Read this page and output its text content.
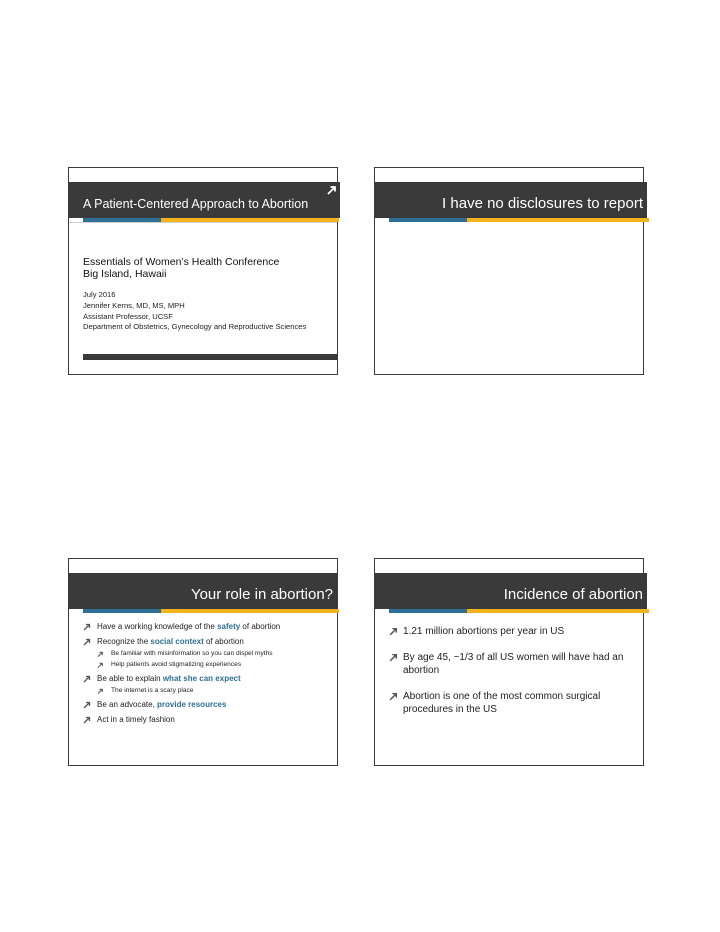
A Patient-Centered Approach to Abortion
Essentials of Women’s Health Conference
Big Island, Hawaii
July 2016
Jennifer Kerns, MD, MS, MPH
Assistant Professor, UCSF
Department of Obstetrics, Gynecology and Reproductive Sciences
I have no disclosures to report
Your role in abortion?
Have a working knowledge of the safety of abortion
Recognize the social context of abortion
Be familiar with misinformation so you can dispel myths
Help patients avoid stigmatizing experiences
Be able to explain what she can expect
The internet is a scary place
Be an advocate, provide resources
Act in a timely fashion
Incidence of abortion
1.21 million abortions per year in US
By age 45, ~1/3 of all US women will have had an abortion
Abortion is one of the most common surgical procedures in the US
